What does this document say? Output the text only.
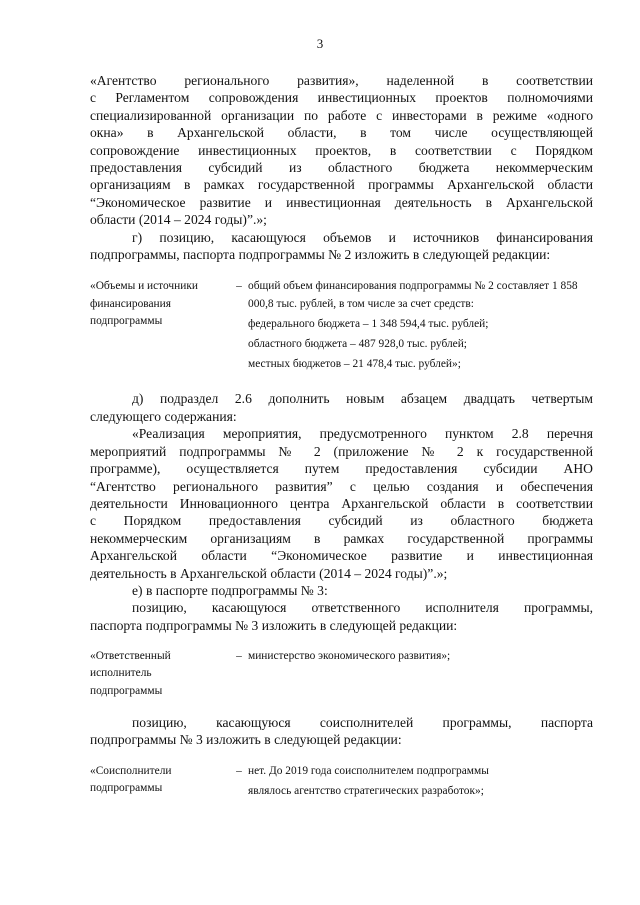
3

«Агентство регионального развития», наделенной в соответствии

с Регламентом сопровождения инвестиционных проектов полномочиями

специализированной организации по работе с инвесторами в режиме «одного

окна» в Архангельской области, в том числе осуществляющей

сопровождение инвестиционных проектов, в соответствии с Порядком

предоставления субсидий из областного бюджета некоммерческим

организациям в рамках государственной программы Архангельской области

“Экономическое развитие и инвестиционная деятельность в Архангельской

области (2014 – 2024 годы)”.»;

г) позицию, касающуюся объемов и источников финансирования

подпрограммы, паспорта подпрограммы № 2 изложить в следующей редакции:

«Объемы и источники
финансирования
подпрограммы
– общий объем финансирования подпрограммы № 2 составляет 1 858 000,8 тыс. рублей, в том числе за счет средств:
федерального бюджета – 1 348 594,4 тыс. рублей;
областного бюджета – 487 928,0 тыс. рублей;
местных бюджетов – 21 478,4 тыс. рублей»;

д) подраздел 2.6 дополнить новым абзацем двадцать четвертым

следующего содержания:

«Реализация мероприятия, предусмотренного пунктом 2.8 перечня

мероприятий подпрограммы № 2 (приложение № 2 к государственной

программе), осуществляется путем предоставления субсидии АНО

“Агентство регионального развития” с целью создания и обеспечения

деятельности Инновационного центра Архангельской области в соответствии

с Порядком предоставления субсидий из областного бюджета

некоммерческим организациям в рамках государственной программы

Архангельской области “Экономическое развитие и инвестиционная

деятельность в Архангельской области (2014 – 2024 годы)”.»;

е) в паспорте подпрограммы № 3:

позицию, касающуюся ответственного исполнителя программы,

паспорта подпрограммы № 3 изложить в следующей редакции:

«Ответственный
исполнитель
подпрограммы
– министерство экономического развития»;

позицию, касающуюся соисполнителей программы, паспорта

подпрограммы № 3 изложить в следующей редакции:

«Соисполнители
подпрограммы
– нет. До 2019 года соисполнителем подпрограммы
являлось агентство стратегических разработок»;
